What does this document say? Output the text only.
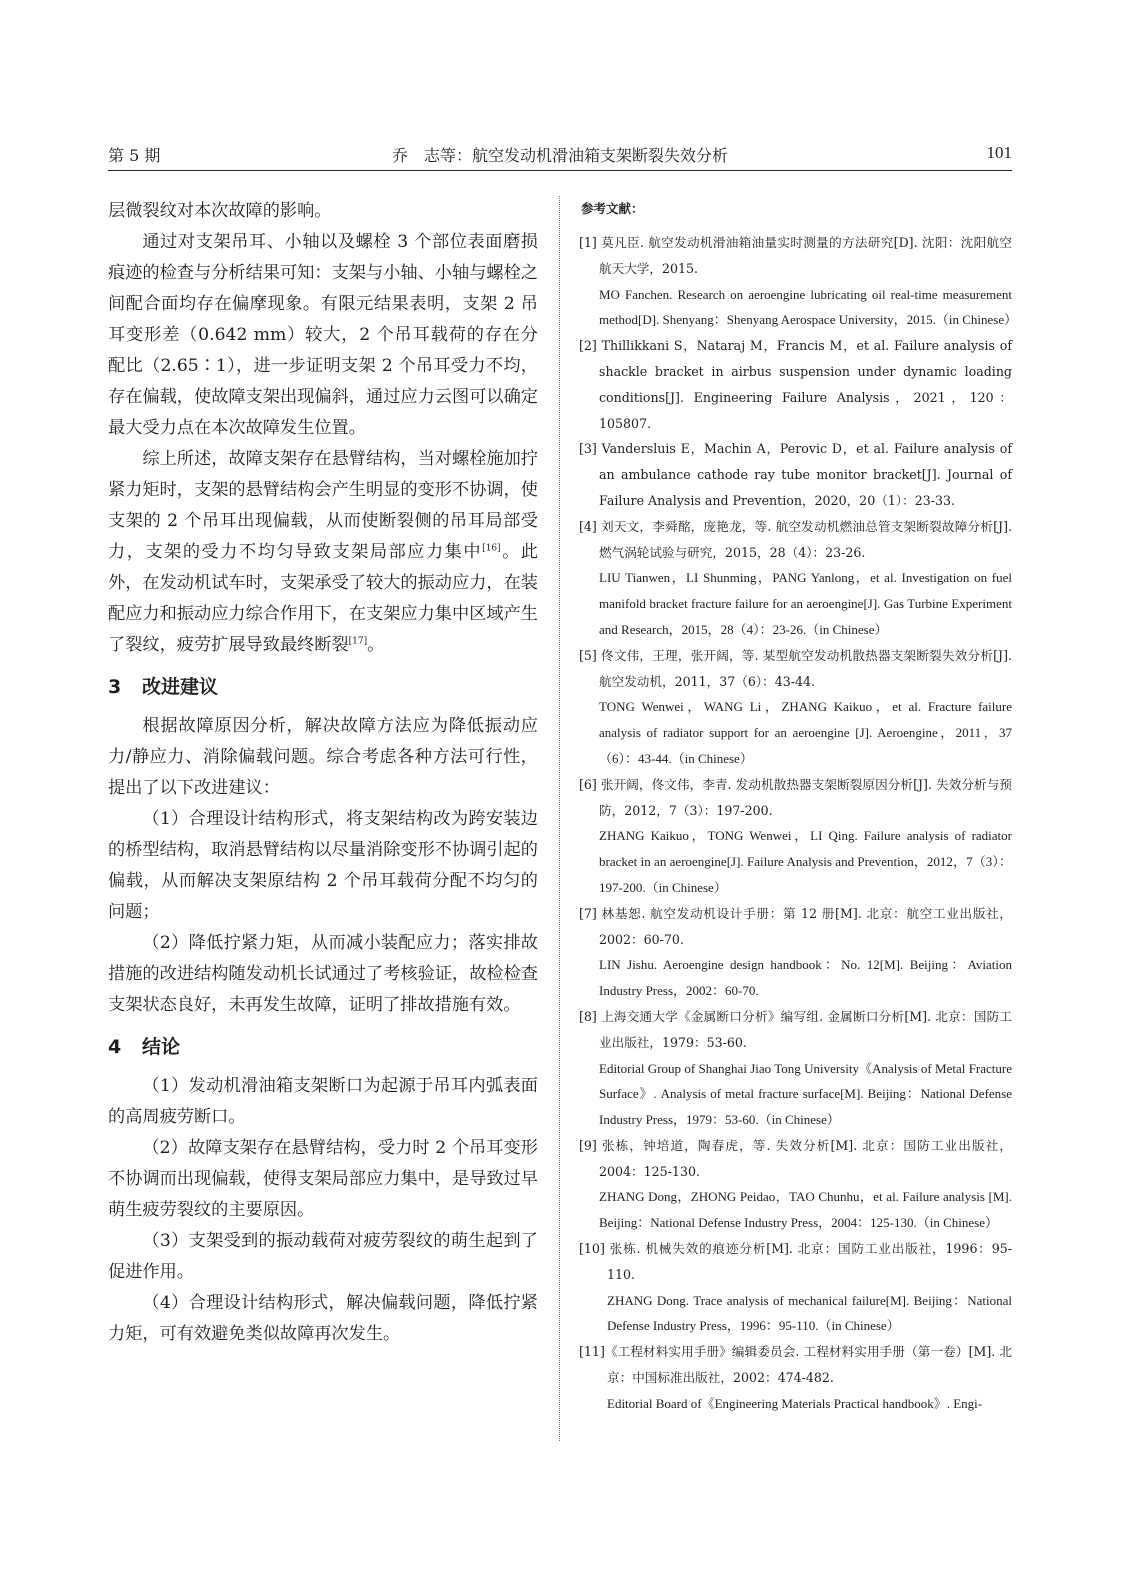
第 5 期	乔　志等：航空发动机滑油箱支架断裂失效分析	101

层微裂纹对本次故障的影响。

通过对支架吊耳、小轴以及螺栓 3 个部位表面磨损痕迹的检查与分析结果可知：支架与小轴、小轴与螺栓之间配合面均存在偏摩现象。有限元结果表明，支架 2 吊耳变形差（0.642 mm）较大，2 个吊耳载荷的存在分配比（2.65∶1），进一步证明支架 2 个吊耳受力不均，存在偏载，使故障支架出现偏斜，通过应力云图可以确定最大受力点在本次故障发生位置。

综上所述，故障支架存在悬臂结构，当对螺栓施加拧紧力矩时，支架的悬臂结构会产生明显的变形不协调，使支架的 2 个吊耳出现偏载，从而使断裂侧的吊耳局部受力，支架的受力不均匀导致支架局部应力集中[16]。此外，在发动机试车时，支架承受了较大的振动应力，在装配应力和振动应力综合作用下，在支架应力集中区域产生了裂纹，疲劳扩展导致最终断裂[17]。

3 改进建议

根据故障原因分析，解决故障方法应为降低振动应力/静应力、消除偏载问题。综合考虑各种方法可行性，提出了以下改进建议：

（1）合理设计结构形式，将支架结构改为跨安装边的桥型结构，取消悬臂结构以尽量消除变形不协调引起的偏载，从而解决支架原结构 2 个吊耳载荷分配不均匀的问题；

（2）降低拧紧力矩，从而减小装配应力；落实排故措施的改进结构随发动机长试通过了考核验证，故检检查支架状态良好，未再发生故障，证明了排故措施有效。

4 结论

（1）发动机滑油箱支架断口为起源于吊耳内弧表面的高周疲劳断口。

（2）故障支架存在悬臂结构，受力时 2 个吊耳变形不协调而出现偏载，使得支架局部应力集中，是导致过早萌生疲劳裂纹的主要原因。

（3）支架受到的振动载荷对疲劳裂纹的萌生起到了促进作用。

（4）合理设计结构形式，解决偏载问题，降低拧紧力矩，可有效避免类似故障再次发生。

参考文献：
[1] 莫凡臣. 航空发动机滑油箱油量实时测量的方法研究[D]. 沈阳：沈阳航空航天大学，2015.
MO Fanchen. Research on aeroengine lubricating oil real-time measurement method[D]. Shenyang：Shenyang Aerospace University，2015.（in Chinese）
[2] Thillikkani S，Nataraj M，Francis M，et al. Failure analysis of shackle bracket in airbus suspension under dynamic loading conditions[J]. Engineering Failure Analysis，2021，120：105807.
[3] Vandersluis E，Machin A，Perovic D，et al. Failure analysis of an ambulance cathode ray tube monitor bracket[J]. Journal of Failure Analysis and Prevention，2020，20（1）：23-33.
[4] 刘天文，李舜酩，庞艳龙，等. 航空发动机燃油总管支架断裂故障分析[J]. 燃气涡轮试验与研究，2015，28（4）：23-26.
LIU Tianwen，LI Shunming，PANG Yanlong，et al. Investigation on fuel manifold bracket fracture failure for an aeroengine[J]. Gas Turbine Experiment and Research，2015，28（4）：23-26.（in Chinese）
[5] 佟文伟，王理，张开阔，等. 某型航空发动机散热器支架断裂失效分析[J]. 航空发动机，2011，37（6）：43-44.
TONG Wenwei，WANG Li，ZHANG Kaikuo，et al. Fracture failure analysis of radiator support for an aeroengine [J]. Aeroengine，2011，37（6）：43-44.（in Chinese）
[6] 张开阔，佟文伟，李青. 发动机散热器支架断裂原因分析[J]. 失效分析与预防，2012，7（3）：197-200.
ZHANG Kaikuo，TONG Wenwei，LI Qing. Failure analysis of radiator bracket in an aeroengine[J]. Failure Analysis and Prevention，2012，7（3）：197-200.（in Chinese）
[7] 林基恕. 航空发动机设计手册：第 12 册[M]. 北京：航空工业出版社，2002：60-70.
LIN Jishu. Aeroengine design handbook：No. 12[M]. Beijing：Aviation Industry Press，2002：60-70.
[8] 上海交通大学《金属断口分析》编写组. 金属断口分析[M]. 北京：国防工业出版社，1979：53-60.
Editorial Group of Shanghai Jiao Tong University《Analysis of Metal Fracture Surface》. Analysis of metal fracture surface[M]. Beijing：National Defense Industry Press，1979：53-60.（in Chinese）
[9] 张栋，钟培道，陶春虎，等. 失效分析[M]. 北京：国防工业出版社，2004：125-130.
ZHANG Dong，ZHONG Peidao，TAO Chunhu，et al. Failure analysis [M]. Beijing：National Defense Industry Press，2004：125-130.（in Chinese）
[10] 张栋. 机械失效的痕迹分析[M]. 北京：国防工业出版社，1996：95-110.
ZHANG Dong. Trace analysis of mechanical failure[M]. Beijing：National Defense Industry Press，1996：95-110.（in Chinese）
[11]《工程材料实用手册》编辑委员会. 工程材料实用手册（第一卷）[M]. 北京：中国标准出版社，2002：474-482.
Editorial Board of《Engineering Materials Practical handbook》. Engi-
